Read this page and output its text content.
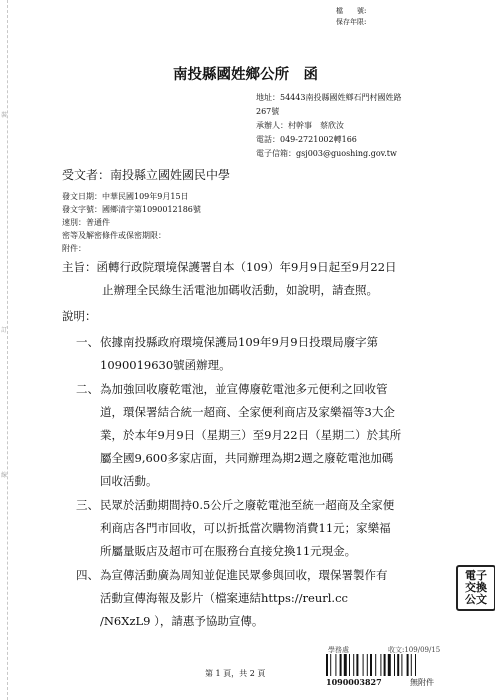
裝
訂
線
檔　　號:
保存年限:
南投縣國姓鄉公所　函
地址：54443南投縣國姓鄉石門村國姓路
267號
承辦人：村幹事　蔡欣汝
電話：049-2721002轉166
電子信箱：gsj003@guoshing.gov.tw
受文者：南投縣立國姓國民中學
發文日期：中華民國109年9月15日
發文字號：國鄉清字第1090012186號
速別：普通件
密等及解密條件或保密期限：
附件：
主旨：函轉行政院環境保護署自本（109）年9月9日起至9月22日
止辦理全民綠生活電池加碼收活動，如說明，請查照。
說明：
一、 依據南投縣政府環境保護局109年9月9日投環局廢字第
1090019630號函辦理。
二、 為加強回收廢乾電池，並宣傳廢乾電池多元便利之回收管
道，環保署結合統一超商、全家便利商店及家樂福等3大企
業，於本年9月9日（星期三）至9月22日（星期二）於其所
屬全國9,600多家店面，共同辦理為期2週之廢乾電池加碼
回收活動。
三、 民眾於活動期間持0.5公斤之廢乾電池至統一超商及全家便
利商店各門市回收，可以折抵當次購物消費11元；家樂福
所屬量販店及超市可在服務台直接兌換11元現金。
四、 為宣傳活動廣為周知並促進民眾參與回收，環保署製作有
活動宣傳海報及影片（檔案連結https://reurl.cc
/N6XzL9 ），請惠予協助宣傳。
電子交換公文
第 1 頁，共 2 頁
學務處	收文:109/09/15
1090003827	無附件
